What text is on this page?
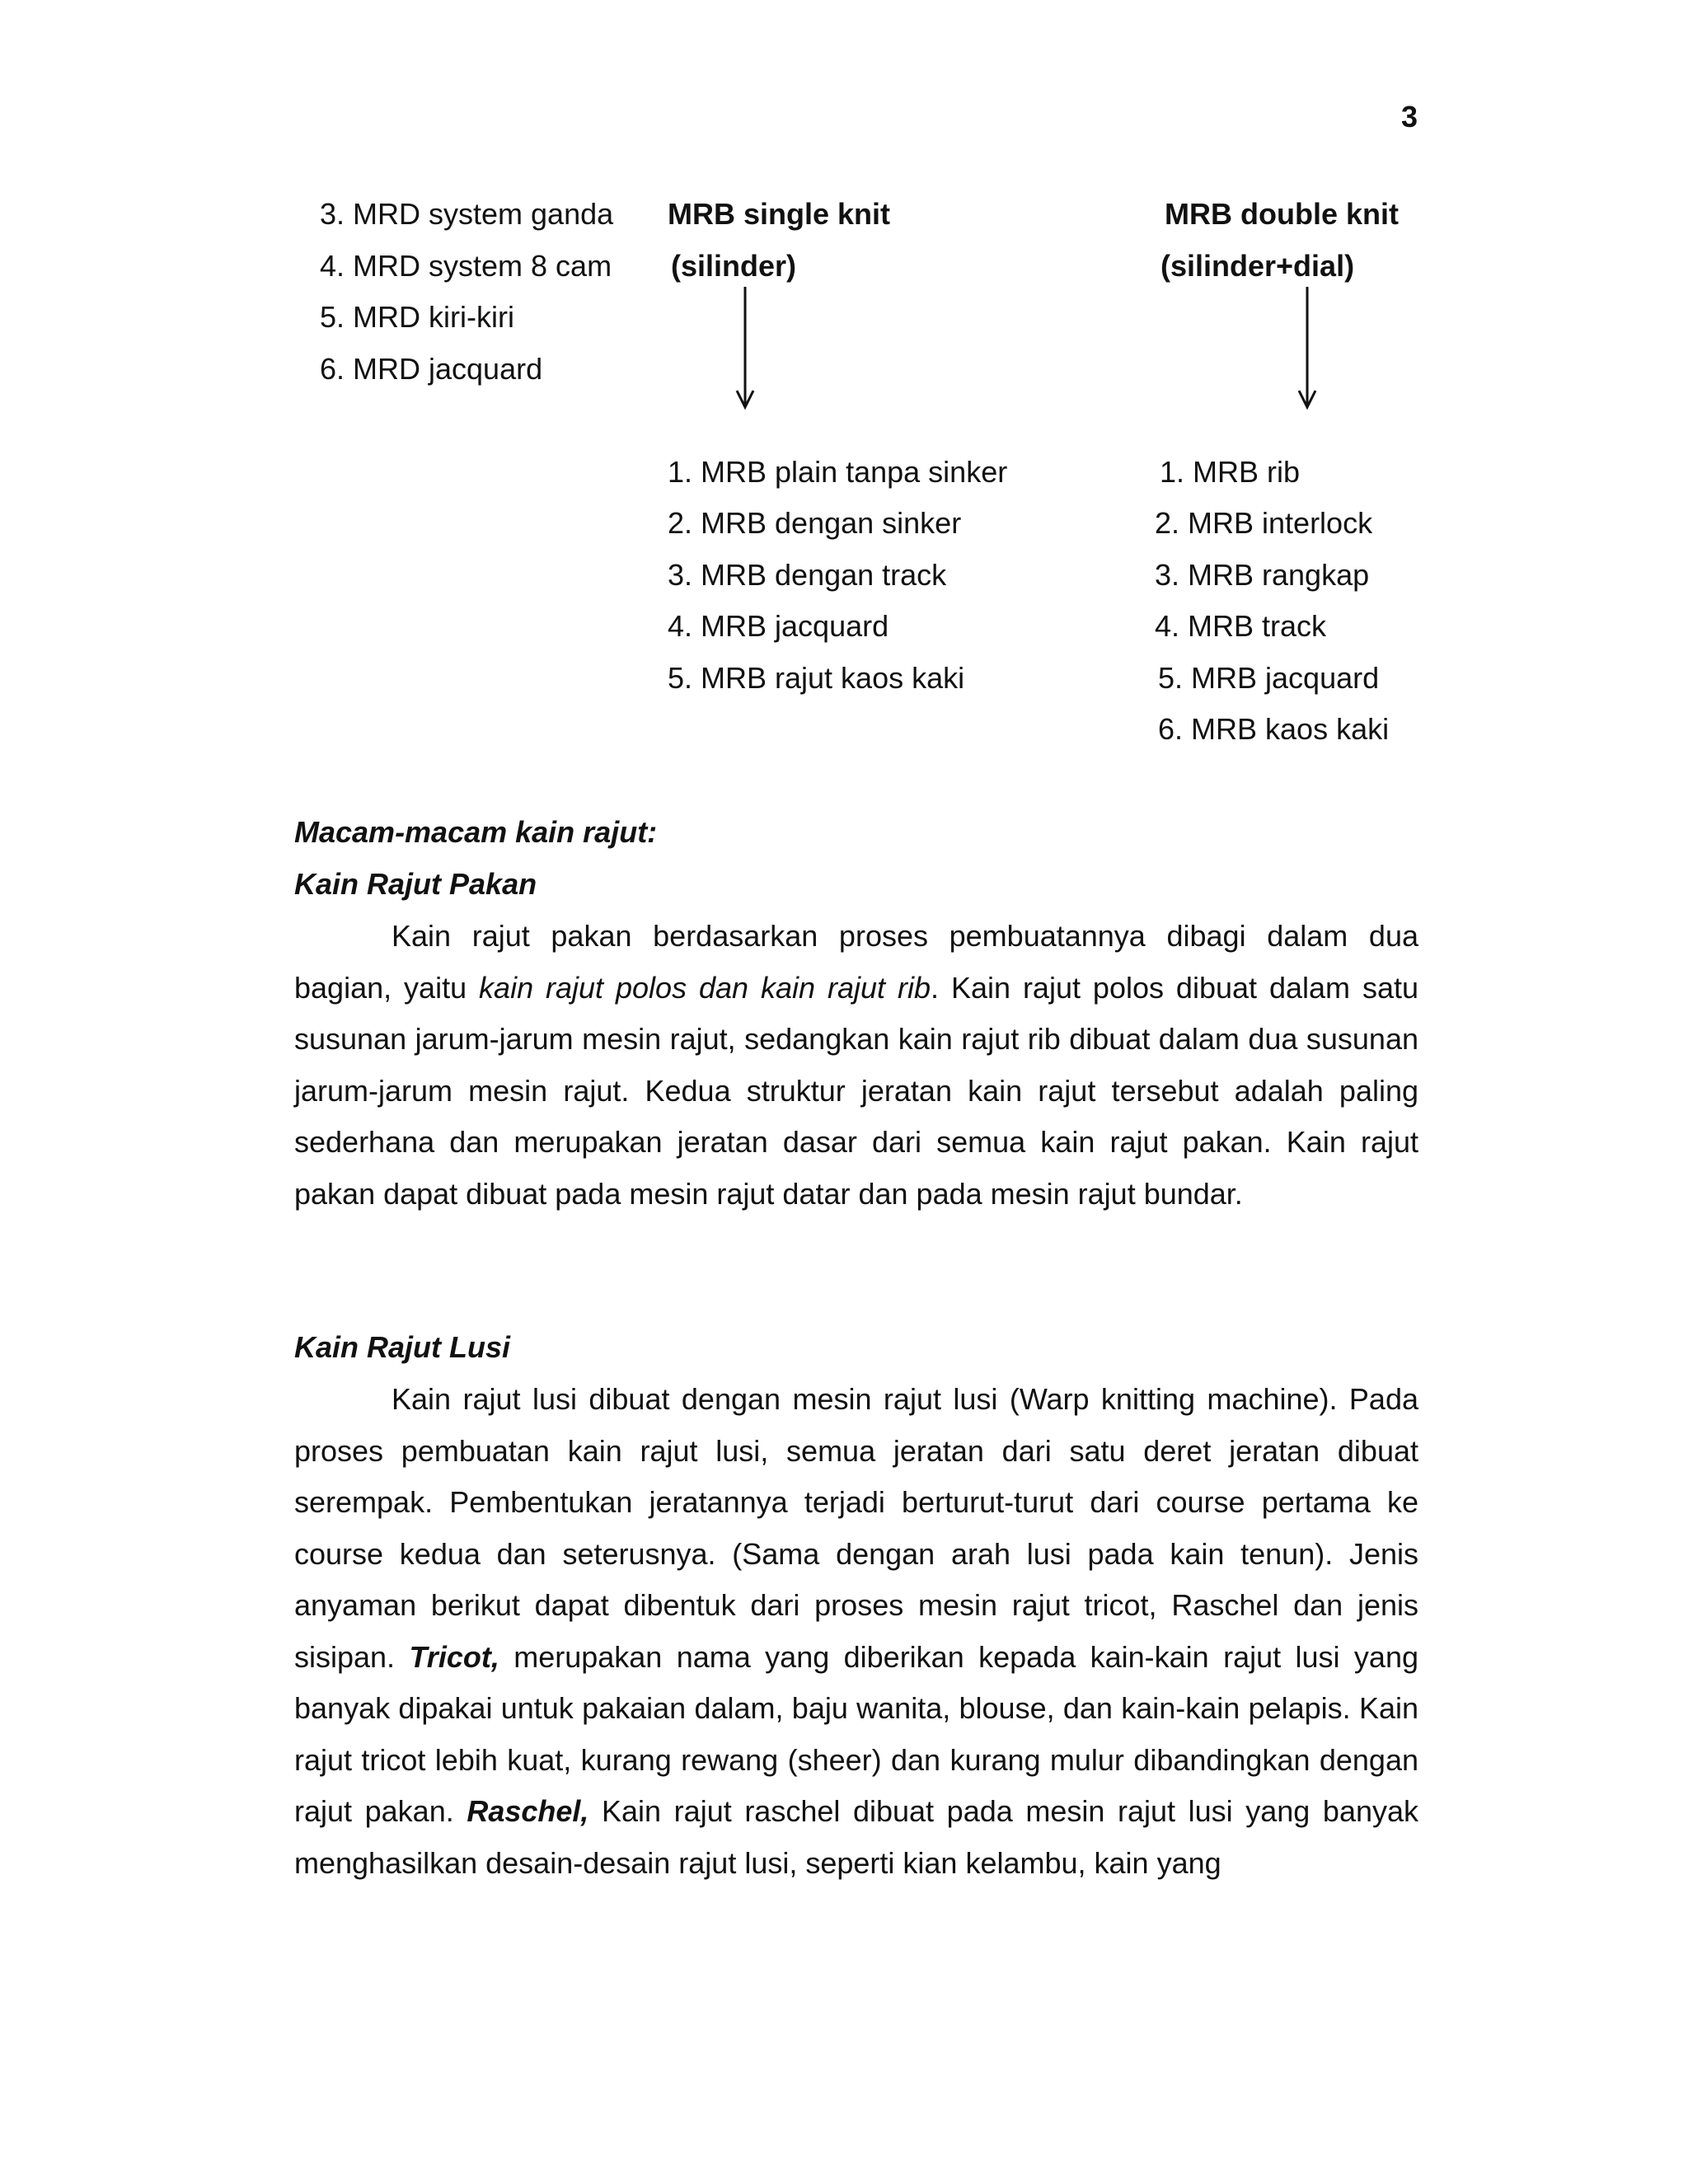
3
3. MRD system ganda
4. MRD system 8 cam
5. MRD kiri-kiri
6. MRD jacquard
MRB single knit
(silinder)
1. MRB plain tanpa sinker
2. MRB dengan sinker
3. MRB dengan track
4. MRB jacquard
5. MRB rajut kaos kaki
MRB double knit
(silinder+dial)
1. MRB rib
2. MRB interlock
3. MRB rangkap
4. MRB track
5. MRB jacquard
6. MRB kaos kaki
Macam-macam kain rajut:
Kain Rajut Pakan

Kain rajut pakan berdasarkan proses pembuatannya dibagi dalam dua bagian, yaitu kain rajut polos dan kain rajut rib. Kain rajut polos dibuat dalam satu susunan jarum-jarum mesin rajut, sedangkan kain rajut rib dibuat dalam dua susunan jarum-jarum mesin rajut. Kedua struktur jeratan kain rajut tersebut adalah paling sederhana dan merupakan jeratan dasar dari semua kain rajut pakan. Kain rajut pakan dapat dibuat pada mesin rajut datar dan pada mesin rajut bundar.

Kain Rajut Lusi

Kain rajut lusi dibuat dengan mesin rajut lusi (Warp knitting machine). Pada proses pembuatan kain rajut lusi, semua jeratan dari satu deret jeratan dibuat serempak. Pembentukan jeratannya terjadi berturut-turut dari course pertama ke course kedua dan seterusnya. (Sama dengan arah lusi pada kain tenun). Jenis anyaman berikut dapat dibentuk dari proses mesin rajut tricot, Raschel dan jenis sisipan. Tricot, merupakan nama yang diberikan kepada kain-kain rajut lusi yang banyak dipakai untuk pakaian dalam, baju wanita, blouse, dan kain-kain pelapis. Kain rajut tricot lebih kuat, kurang rewang (sheer) dan kurang mulur dibandingkan dengan rajut pakan. Raschel, Kain rajut raschel dibuat pada mesin rajut lusi yang banyak menghasilkan desain-desain rajut lusi, seperti kian kelambu, kain yang
